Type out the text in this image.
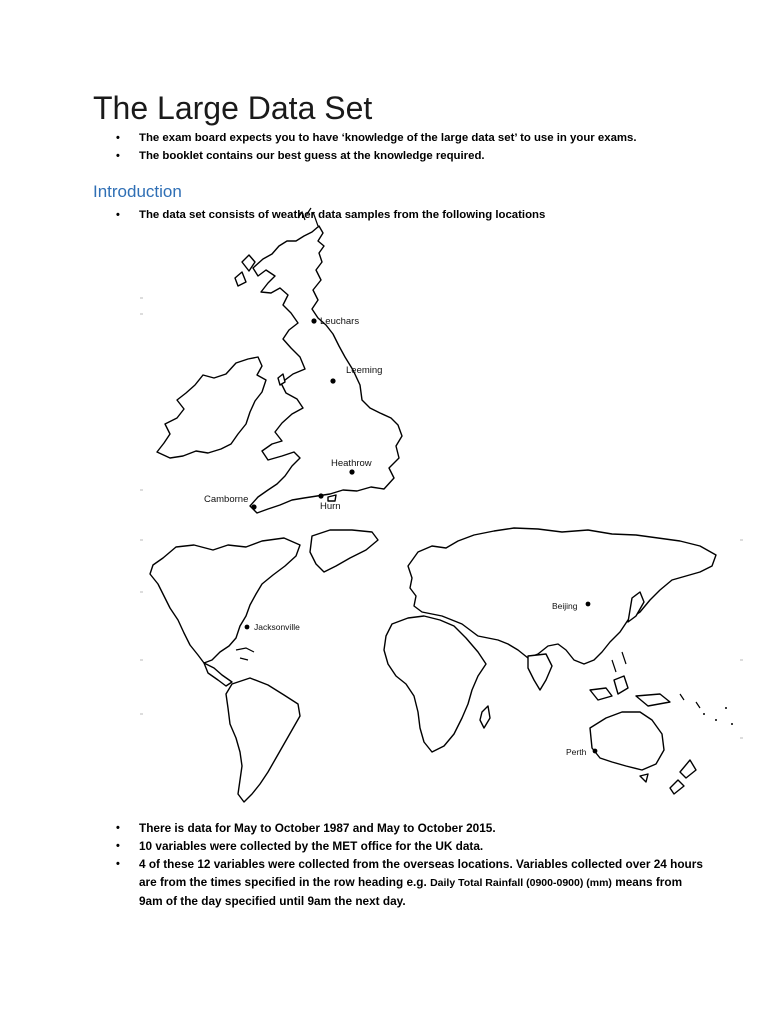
The Large Data Set
• The exam board expects you to have ‘knowledge of the large data set’ to use in your exams.
• The booklet contains our best guess at the knowledge required.
Introduction
• The data set consists of weather data samples from the following locations
Leuchars
Leeming
Heathrow
Camborne
Hurn
Jacksonville
Beijing
Perth
• There is data for May to October 1987 and May to October 2015.
• 10 variables were collected by the MET office for the UK data.
• 4 of these 12 variables were collected from the overseas locations. Variables collected over 24 hours are from the times specified in the row heading e.g. Daily Total Rainfall (0900-0900) (mm) means from 9am of the day specified until 9am the next day.
